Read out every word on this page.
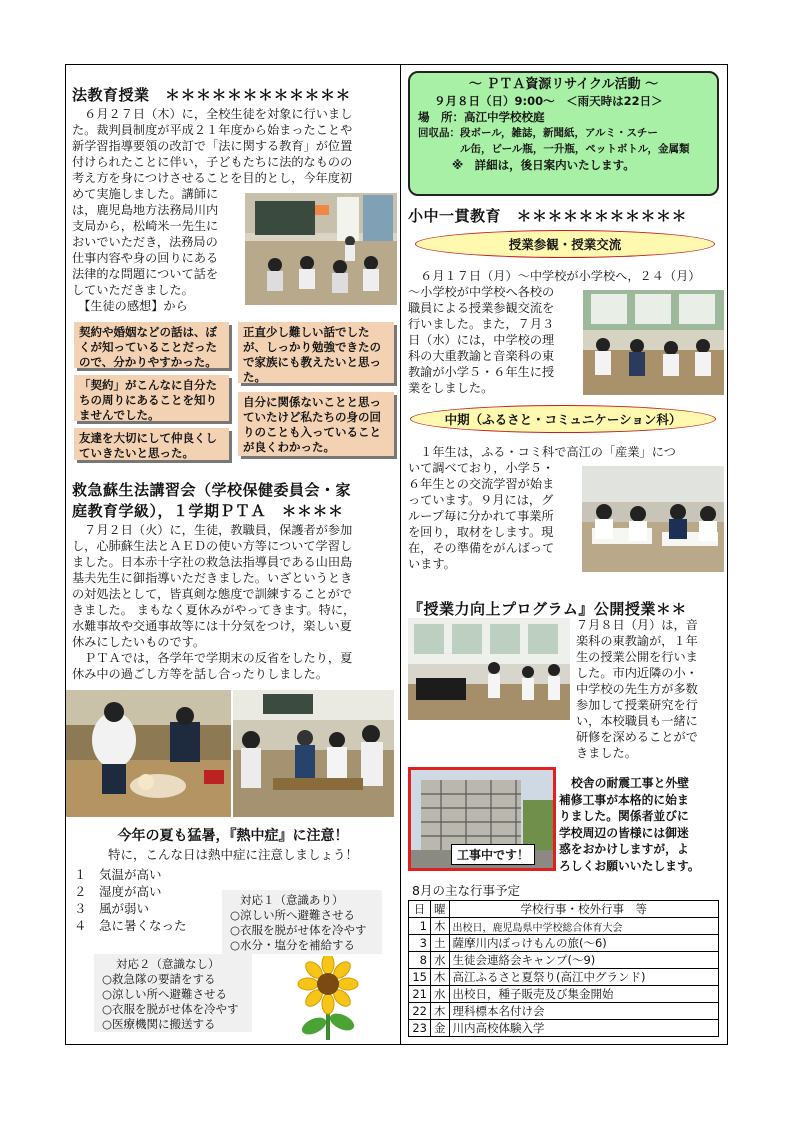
法教育授業　＊＊＊＊＊＊＊＊＊＊＊＊
　６月２７日（木）に，全校生徒を対象に行いまし
た。裁判員制度が平成２１年度から始まったことや
新学習指導要領の改訂で「法に関する教育」が位置
付けられたことに伴い，子どもたちに法的なものの
考え方を身につけさせることを目的とし，今年度初
めて実施しました。講師に
は，鹿児島地方法務局川内
支局から，松崎米一先生に
おいでいただき，法務局の
仕事内容や身の回りにある
法律的な問題について話を
していただきました。
　【生徒の感想】から
契約や婚姻などの話は、ぼくが知っていることだったので、分かりやすかった。
正直少し難しい話でしたが、しっかり勉強できたので家族にも教えたいと思った。
「契約」がこんなに自分たちの周りにあることを知りませんでした。
自分に関係ないことと思っていたけど私たちの身の回りのことも入っていることが良くわかった。
友達を大切にして仲良くしていきたいと思った。
救急蘇生法講習会（学校保健委員会・家
庭教育学級），１学期ＰＴＡ　＊＊＊＊
　７月２日（火）に，生徒，教職員，保護者が参加
し，心肺蘇生法とＡＥＤの使い方等について学習し
ました。日本赤十字社の救急法指導員である山田島
基夫先生に御指導いただきました。いざというとき
の対処法として，皆真剣な態度で訓練することがで
きました。 まもなく夏休みがやってきます。特に，
水難事故や交通事故等には十分気をつけ，楽しい夏
休みにしたいものです。
　ＰＴＡでは，各学年で学期末の反省をしたり，夏
休み中の過ごし方等を話し合ったりしました。
今年の夏も猛暑，『熱中症』に注意！
特に，こんな日は熱中症に注意しましょう！
１　気温が高い
２　湿度が高い
３　風が弱い
４　急に暑くなった
対応１（意識あり）
○涼しい所へ避難させる
○衣服を脱がせ体を冷やす
○水分・塩分を補給する
対応２（意識なし）
○救急隊の要請をする
○涼しい所へ避難させる
○衣服を脱がせ体を冷やす
○医療機関に搬送する
～ ＰＴＡ資源リサイクル活動 ～
９月８日（日）9:00～　＜雨天時は22日＞
場　所：高江中学校校庭
回収品： 段ボール，雑誌，新聞紙，アルミ・スチー
ル缶，ビール瓶，一升瓶，ペットボトル，金属類
※　詳細は，後日案内いたします。
小中一貫教育　＊＊＊＊＊＊＊＊＊＊＊
授業参観・授業交流
　６月１７日（月）～中学校が小学校へ，２４（月）
～小学校が中学校へ各校の
職員による授業参観交流を
行いました。また，７月３
日（水）には，中学校の理
科の大重教諭と音楽科の東
教諭が小学５・６年生に授
業をしました。
中期（ふるさと・コミュニケーション科）
　１年生は，ふる・コミ科で高江の「産業」につ
いて調べており，小学５・
６年生との交流学習が始ま
っています。９月には，グ
ループ毎に分かれて事業所
を回り，取材をします。現
在，その準備をがんばって
います。
『授業力向上プログラム』公開授業＊＊
７月８日（月）は，音
楽科の東教諭が，１年
生の授業公開を行いま
した。市内近隣の小・
中学校の先生方が多数
参加して授業研究を行
い，本校職員も一緒に
研修を深めることがで
きました。
工事中です！
校舎の耐震工事と外壁
補修工事が本格的に始ま
りました。関係者並びに
学校周辺の皆様には御迷
惑をおかけしますが，よ
ろしくお願いいたします。
8月の主な行事予定
日	曜	学校行事・校外行事　等
1	木	出校日，鹿児島県中学校総合体育大会
3	土	薩摩川内ぼっけもんの旅(～6)
8	水	生徒会連絡会キャンプ(～9)
15	木	高江ふるさと夏祭り(高江中グランド)
21	水	出校日，種子販売及び集金開始
22	木	理科標本名付け会
23	金	川内高校体験入学
